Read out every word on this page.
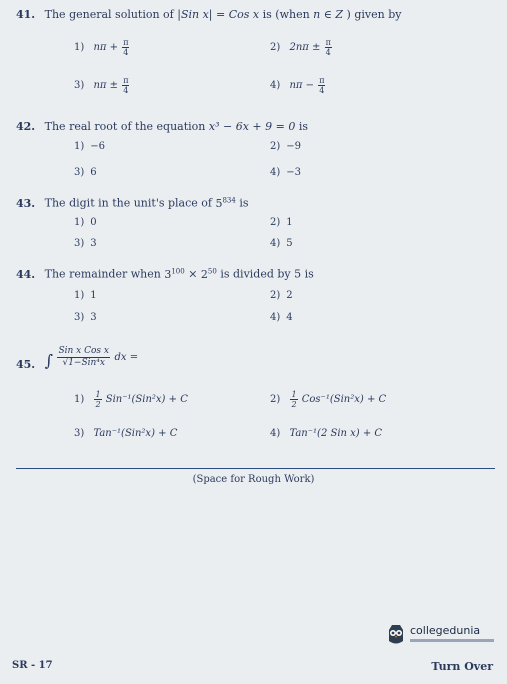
41. The general solution of |Sin x| = Cos x is (when n ∈ Z ) given by
1) $n\pi + \frac{\pi}{4}$	2) $2n\pi \pm \frac{\pi}{4}$
3) $n\pi \pm \frac{\pi}{4}$	4) $n\pi - \frac{\pi}{4}$
42. The real root of the equation x³ − 6x + 9 = 0 is
1) −6	2) −9
3) 6	4) −3
43. The digit in the unit's place of $5^{834}$ is
1) 0	2) 1
3) 3	4) 5
44. The remainder when $3^{100} \times 2^{50}$ is divided by 5 is
1) 1	2) 2
3) 3	4) 4
45. ∫ $\frac{\text{Sin x Cos x}}{\text{√1−Sin⁴x}}$ dx =
$1) \frac{1}{2} Sin^{-1}(Sin^2x) + C$	$2) \frac{1}{2} Cos^{-1}(Sin^2x) + C$
3) Tan⁻¹(Sin²x) + C	4) Tan⁻¹(2 Sin x) + C
(Space for Rough Work)
collegedunia
SR - 17	Turn Over
